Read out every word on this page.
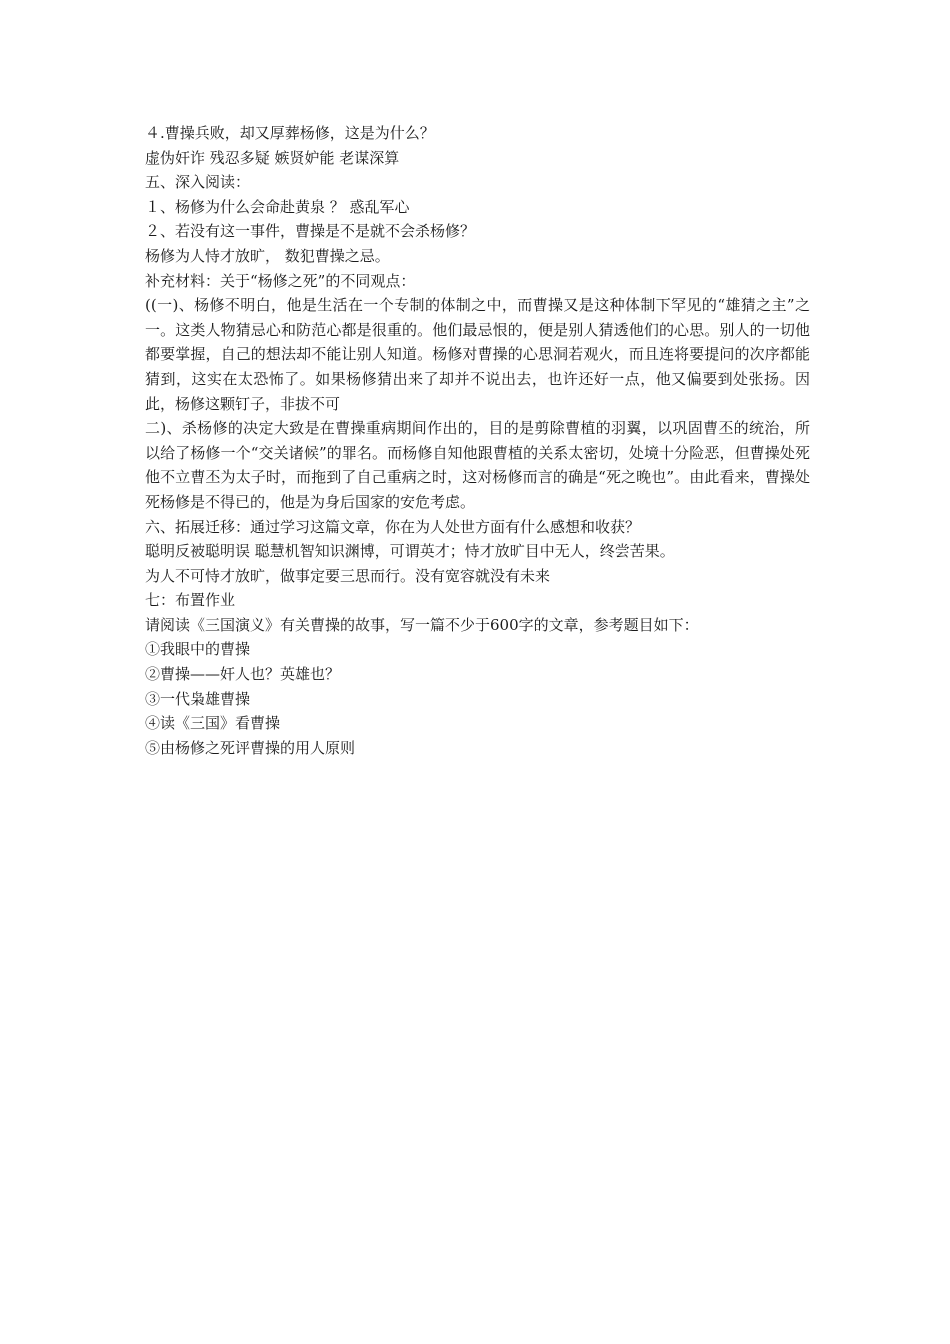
４.曹操兵败，却又厚葬杨修，这是为什么？
虚伪奸诈 残忍多疑 嫉贤妒能 老谋深算
五、深入阅读：
１、杨修为什么会命赴黄泉 ？ 惑乱军心
２、若没有这一事件，曹操是不是就不会杀杨修？
杨修为人恃才放旷， 数犯曹操之忌。
补充材料：关于“杨修之死”的不同观点：
((一)、杨修不明白，他是生活在一个专制的体制之中，而曹操又是这种体制下罕见的“雄猜之主”之一。这类人物猜忌心和防范心都是很重的。他们最忌恨的，便是别人猜透他们的心思。别人的一切他都要掌握，自己的想法却不能让别人知道。杨修对曹操的心思洞若观火，而且连将要提问的次序都能猜到，这实在太恐怖了。如果杨修猜出来了却并不说出去，也许还好一点，他又偏要到处张扬。因此，杨修这颗钉子，非拔不可
二)、杀杨修的决定大致是在曹操重病期间作出的，目的是剪除曹植的羽翼，以巩固曹丕的统治，所以给了杨修一个“交关诸候”的罪名。而杨修自知他跟曹植的关系太密切，处境十分险恶，但曹操处死他不立曹丕为太子时，而拖到了自己重病之时，这对杨修而言的确是“死之晚也”。由此看来，曹操处死杨修是不得已的，他是为身后国家的安危考虑。
六、拓展迁移：通过学习这篇文章，你在为人处世方面有什么感想和收获？
聪明反被聪明误 聪慧机智知识渊博，可谓英才；恃才放旷目中无人，终尝苦果。
为人不可恃才放旷，做事定要三思而行。没有宽容就没有未来
七：布置作业
请阅读《三国演义》有关曹操的故事，写一篇不少于600字的文章，参考题目如下：
①我眼中的曹操
②曹操——奸人也？英雄也？
③一代枭雄曹操
④读《三国》看曹操
⑤由杨修之死评曹操的用人原则
